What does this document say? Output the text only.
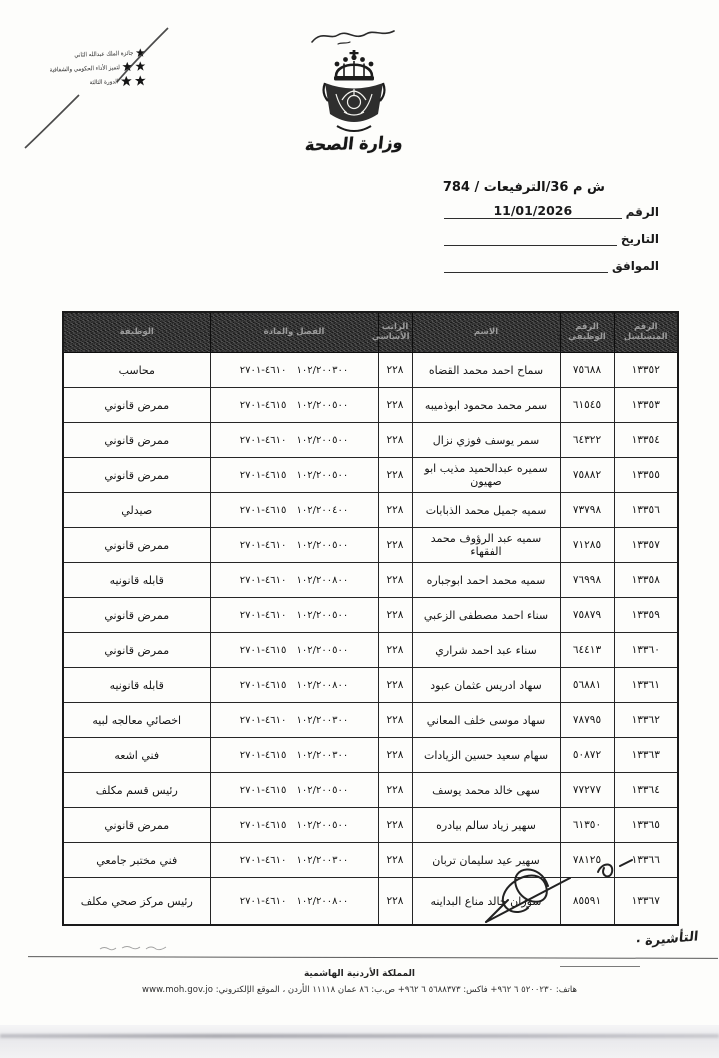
وزارة الصحة
جائزة الملك عبدالله الثاني
لتميز الأداء الحكومي والشفافية
الدورة الثالثة
ش م 36/الترفيعات / 784
الرقم
11/01/2026
التاريخ
الموافق
الرقم المتسلسل	الرقم الوظيفي	الاسم	الراتب الأساسي	الفصل والمادة	الوظيفة
١٣٣٥٢	٧٥٦٨٨	سماح احمد محمد القضاه	٢٢٨	١٠٢/٢٠٠٣٠٠ ٤٦١٠-٢٧٠١	محاسب
١٣٣٥٣	٦١٥٤٥	سمر محمد محمود ابوذميبه	٢٢٨	١٠٢/٢٠٠٥٠٠ ٤٦١٥-٢٧٠١	ممرض قانوني
١٣٣٥٤	٦٤٣٢٢	سمر يوسف فوزي نزال	٢٢٨	١٠٢/٢٠٠٥٠٠ ٤٦١٠-٢٧٠١	ممرض قانوني
١٣٣٥٥	٧٥٨٨٢	سميره عبدالحميد مذيب ابو صهيون	٢٢٨	١٠٢/٢٠٠٥٠٠ ٤٦١٥-٢٧٠١	ممرض قانوني
١٣٣٥٦	٧٣٧٩٨	سميه جميل محمد الذبابات	٢٢٨	١٠٢/٢٠٠٤٠٠ ٤٦١٥-٢٧٠١	صيدلي
١٣٣٥٧	٧١٢٨٥	سميه عبد الرؤوف محمد الفقهاء	٢٢٨	١٠٢/٢٠٠٥٠٠ ٤٦١٠-٢٧٠١	ممرض قانوني
١٣٣٥٨	٧٦٩٩٨	سميه محمد احمد ابوجباره	٢٢٨	١٠٢/٢٠٠٨٠٠ ٤٦١٠-٢٧٠١	قابله قانونيه
١٣٣٥٩	٧٥٨٧٩	سناء احمد مصطفى الزعبي	٢٢٨	١٠٢/٢٠٠٥٠٠ ٤٦١٠-٢٧٠١	ممرض قانوني
١٣٣٦٠	٦٤٤١٣	سناء عبد احمد شراري	٢٢٨	١٠٢/٢٠٠٥٠٠ ٤٦١٥-٢٧٠١	ممرض قانوني
١٣٣٦١	٥٦٨٨١	سهاد ادريس عثمان عبود	٢٢٨	١٠٢/٢٠٠٨٠٠ ٤٦١٥-٢٧٠١	قابله قانونيه
١٣٣٦٢	٧٨٧٩٥	سهاد موسى خلف المعاني	٢٢٨	١٠٢/٢٠٠٣٠٠ ٤٦١٠-٢٧٠١	اخصائي معالجه لبيه
١٣٣٦٣	٥٠٨٧٢	سهام سعيد حسين الزيادات	٢٢٨	١٠٢/٢٠٠٣٠٠ ٤٦١٥-٢٧٠١	فني اشعه
١٣٣٦٤	٧٧٢٧٧	سهى خالد محمد يوسف	٢٢٨	١٠٢/٢٠٠٥٠٠ ٤٦١٥-٢٧٠١	رئيس قسم مكلف
١٣٣٦٥	٦١٣٥٠	سهير زياد سالم بيادره	٢٢٨	١٠٢/٢٠٠٥٠٠ ٤٦١٥-٢٧٠١	ممرض قانوني
١٣٣٦٦	٧٨١٢٥	سهير عيد سليمان تربان	٢٢٨	١٠٢/٢٠٠٣٠٠ ٤٦١٠-٢٧٠١	فني مختبر جامعي
١٣٣٦٧	٨٥٥٩١	سوزان خالد مناع البداينه	٢٢٨	١٠٢/٢٠٠٨٠٠ ٤٦١٠-٢٧٠١	رئيس مركز صحي مكلف
التأشيرة ·
المملكة الأردنية الهاشمية
هاتف: ٥٢٠٠٢٣٠ ٦ ٩٦٢+ فاكس: ٥٦٨٨٣٧٣ ٦ ٩٦٢+ ص.ب: ٨٦ عمان ١١١١٨ الأردن ، الموقع الإلكتروني: www.moh.gov.jo
